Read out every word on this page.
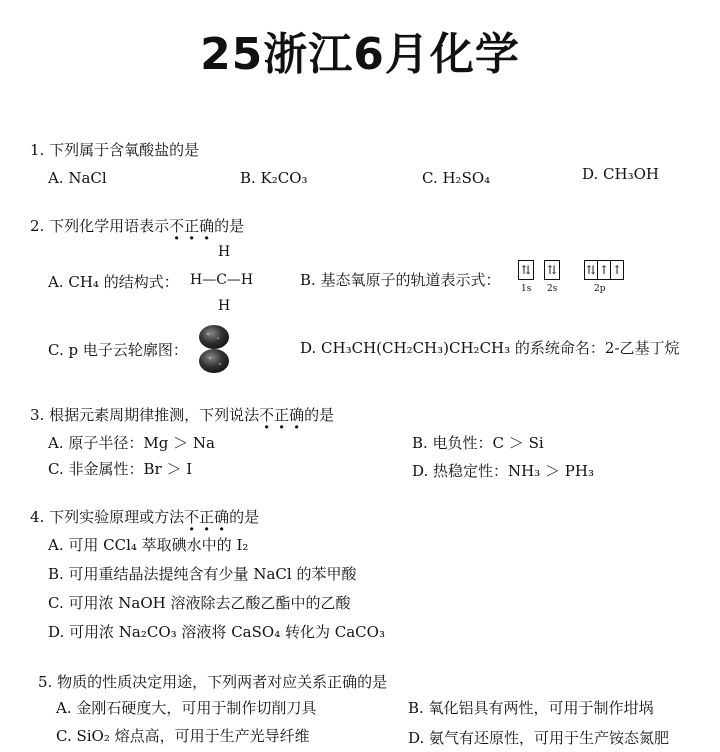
25浙江6月化学
1. 下列属于含氧酸盐的是
A. NaCl	B. K₂CO₃	C. H₂SO₄	D. CH₃OH
2. 下列化学用语表示不正确的是
A. CH₄ 的结构式：
H
H—C—H
H
B. 基态氧原子的轨道表示式：
⇅ ⇅ ⇅ ↑ ↑
1s 2s	2p
C. p 电子云轮廓图：	D. CH₃CH(CH₂CH₃)CH₂CH₃ 的系统命名：2-乙基丁烷
3. 根据元素周期律推测，下列说法不正确的是
A. 原子半径：Mg ＞ Na	B. 电负性：C ＞ Si
C. 非金属性：Br ＞ I	D. 热稳定性：NH₃ ＞ PH₃
4. 下列实验原理或方法不正确的是
A. 可用 CCl₄ 萃取碘水中的 I₂
B. 可用重结晶法提纯含有少量 NaCl 的苯甲酸
C. 可用浓 NaOH 溶液除去乙酸乙酯中的乙酸
D. 可用浓 Na₂CO₃ 溶液将 CaSO₄ 转化为 CaCO₃
5. 物质的性质决定用途，下列两者对应关系正确的是
A. 金刚石硬度大，可用于制作切削刀具	B. 氧化铝具有两性，可用于制作坩埚
C. SiO₂ 熔点高，可用于生产光导纤维	D. 氨气有还原性，可用于生产铵态氮肥
